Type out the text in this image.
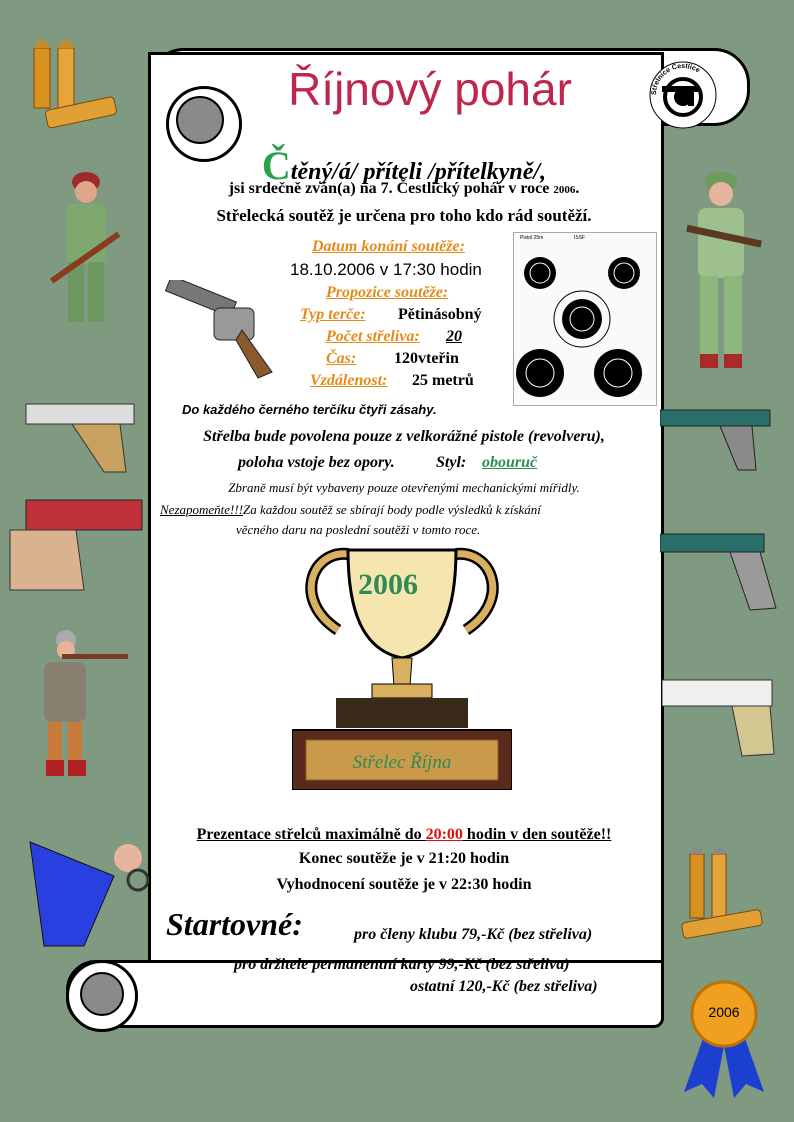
Říjnový pohár	Střelnice Čestlice
Pistol 25m	ISSF
2006
Čtěný/á/ příteli /přítelkyně/,
jsi srdečně zván(a) na 7. Čestlický pohár v roce 2006.
Střelecká soutěž je určena pro toho kdo rád soutěží.
Datum konání soutěže:
18.10.2006 v 17:30 hodin
Propozice soutěže:
Typ terče: Pětinásobný
Počet střeliva: 20
Čas: 120vteřin
Vzdálenost: 25 metrů
Do každého černého terčíku čtyři zásahy.
Střelba bude povolena pouze z velkorážné pistole (revolveru),
poloha vstoje bez opory.	Styl: obouruč
Zbraně musí být vybaveny pouze otevřenými mechanickými mířidly.
Nezapomeňte!!!Za každou soutěž se sbírají body podle výsledků k získání
věcného daru na poslední soutěži v tomto roce.
2006
Střelec Října
Prezentace střelců maximálně do 20:00 hodin v den soutěže!!
Konec soutěže je v 21:20 hodin
Vyhodnocení soutěže je v 22:30 hodin
Startovné:	pro členy klubu 79,-Kč (bez střeliva)
pro držitele permanentní karty 99,-Kč (bez střeliva)
ostatní 120,-Kč (bez střeliva)
